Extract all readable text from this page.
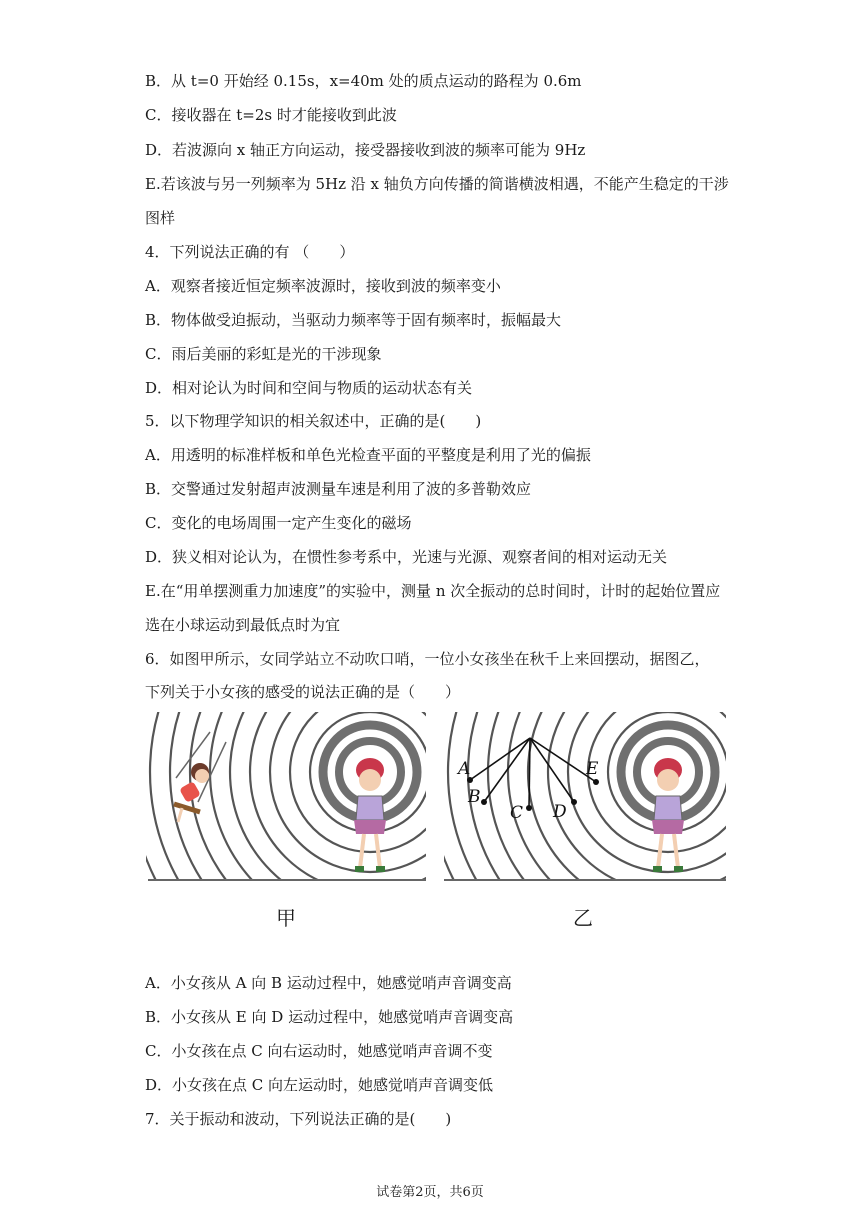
B．从 t=0 开始经 0.15s，x=40m 处的质点运动的路程为 0.6m
C．接收器在 t=2s 时才能接收到此波
D．若波源向 x 轴正方向运动，接受器接收到波的频率可能为 9Hz
E.若该波与另一列频率为 5Hz 沿 x 轴负方向传播的简谐横波相遇，不能产生稳定的干涉
图样
4．下列说法正确的有 （　　）
A．观察者接近恒定频率波源时，接收到波的频率变小
B．物体做受迫振动，当驱动力频率等于固有频率时，振幅最大
C．雨后美丽的彩虹是光的干涉现象
D．相对论认为时间和空间与物质的运动状态有关
5．以下物理学知识的相关叙述中，正确的是(　　)
A．用透明的标准样板和单色光检查平面的平整度是利用了光的偏振
B．交警通过发射超声波测量车速是利用了波的多普勒效应
C．变化的电场周围一定产生变化的磁场
D．狭义相对论认为，在惯性参考系中，光速与光源、观察者间的相对运动无关
E.在“用单摆测重力加速度”的实验中，测量 n 次全振动的总时间时，计时的起始位置应
选在小球运动到最低点时为宜
6．如图甲所示，女同学站立不动吹口哨，一位小女孩坐在秋千上来回摆动，据图乙，
下列关于小女孩的感受的说法正确的是（　　）
A
B
C D
E
甲	乙
A．小女孩从 A 向 B 运动过程中，她感觉哨声音调变高
B．小女孩从 E 向 D 运动过程中，她感觉哨声音调变高
C．小女孩在点 C 向右运动时，她感觉哨声音调不变
D．小女孩在点 C 向左运动时，她感觉哨声音调变低
7．关于振动和波动，下列说法正确的是(　　)
试卷第2页，共6页
